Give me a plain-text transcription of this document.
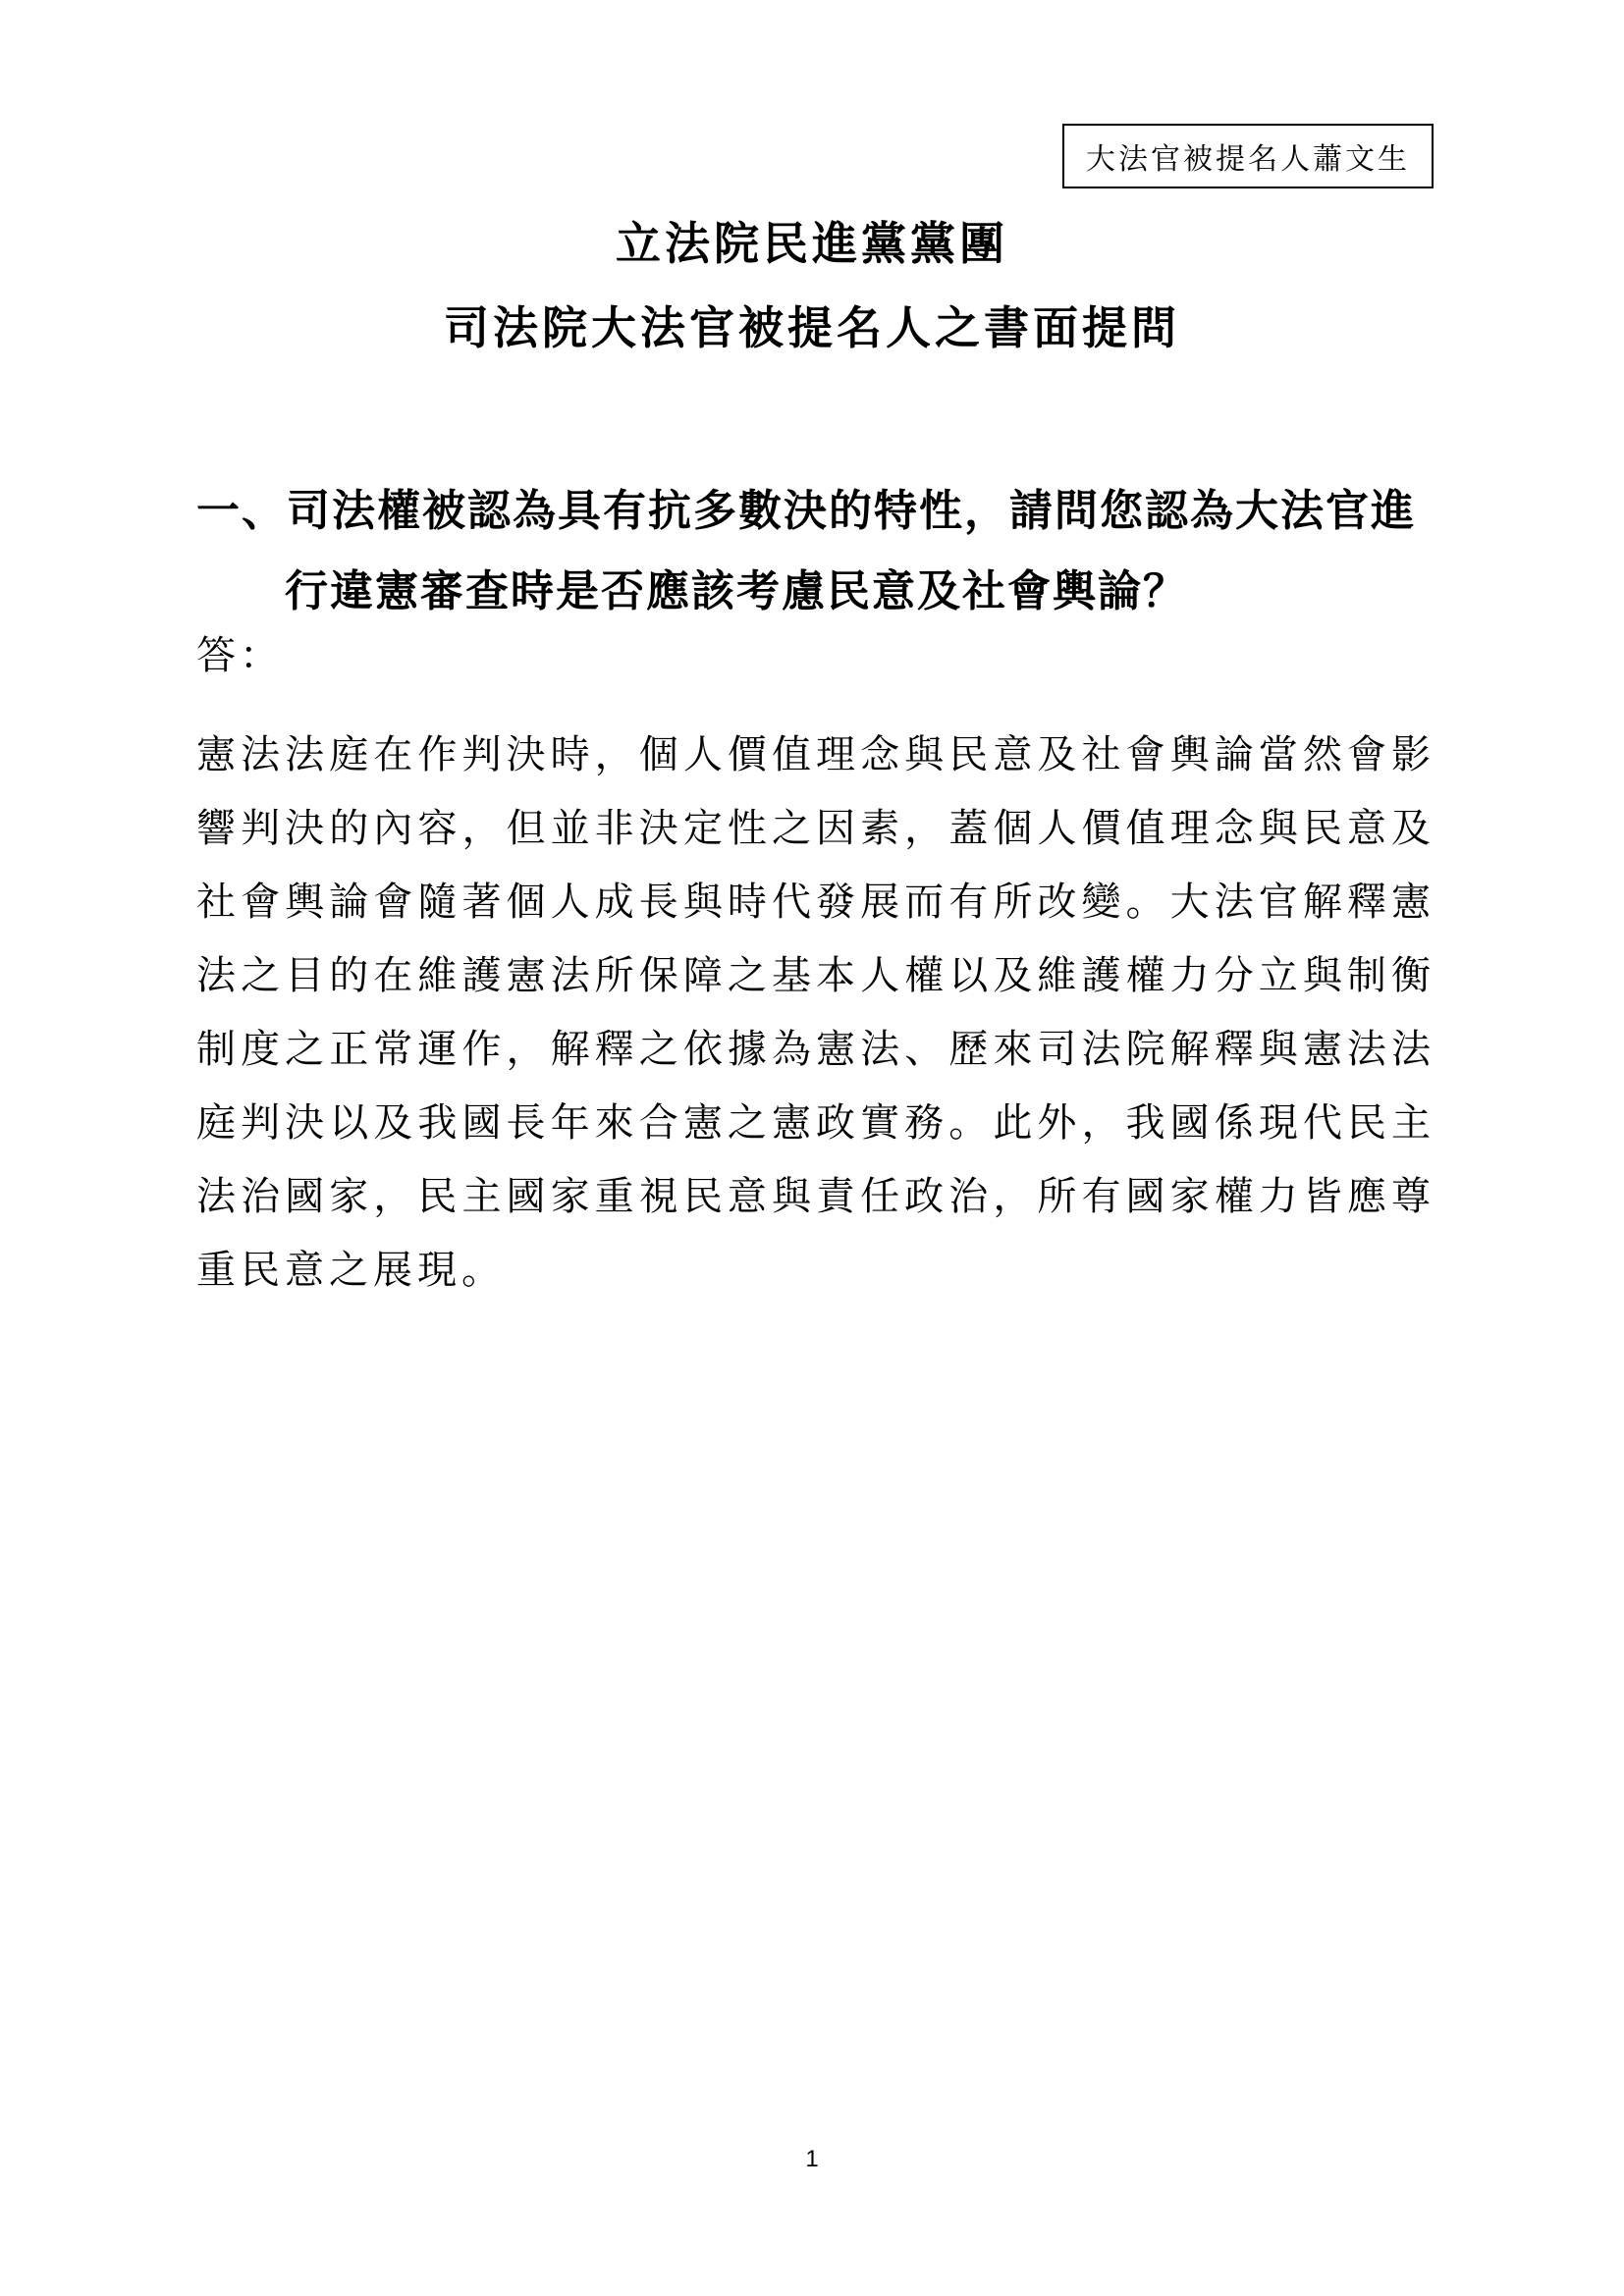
大法官被提名人蕭文生
立法院民進黨黨團
司法院大法官被提名人之書面提問
一、司法權被認為具有抗多數決的特性，請問您認為大法官進行違憲審查時是否應該考慮民意及社會輿論？
答：
憲法法庭在作判決時，個人價值理念與民意及社會輿論當然會影響判決的內容，但並非決定性之因素，蓋個人價值理念與民意及社會輿論會隨著個人成長與時代發展而有所改變。大法官解釋憲法之目的在維護憲法所保障之基本人權以及維護權力分立與制衡制度之正常運作，解釋之依據為憲法、歷來司法院解釋與憲法法庭判決以及我國長年來合憲之憲政實務。此外，我國係現代民主法治國家，民主國家重視民意與責任政治，所有國家權力皆應尊重民意之展現。
1
